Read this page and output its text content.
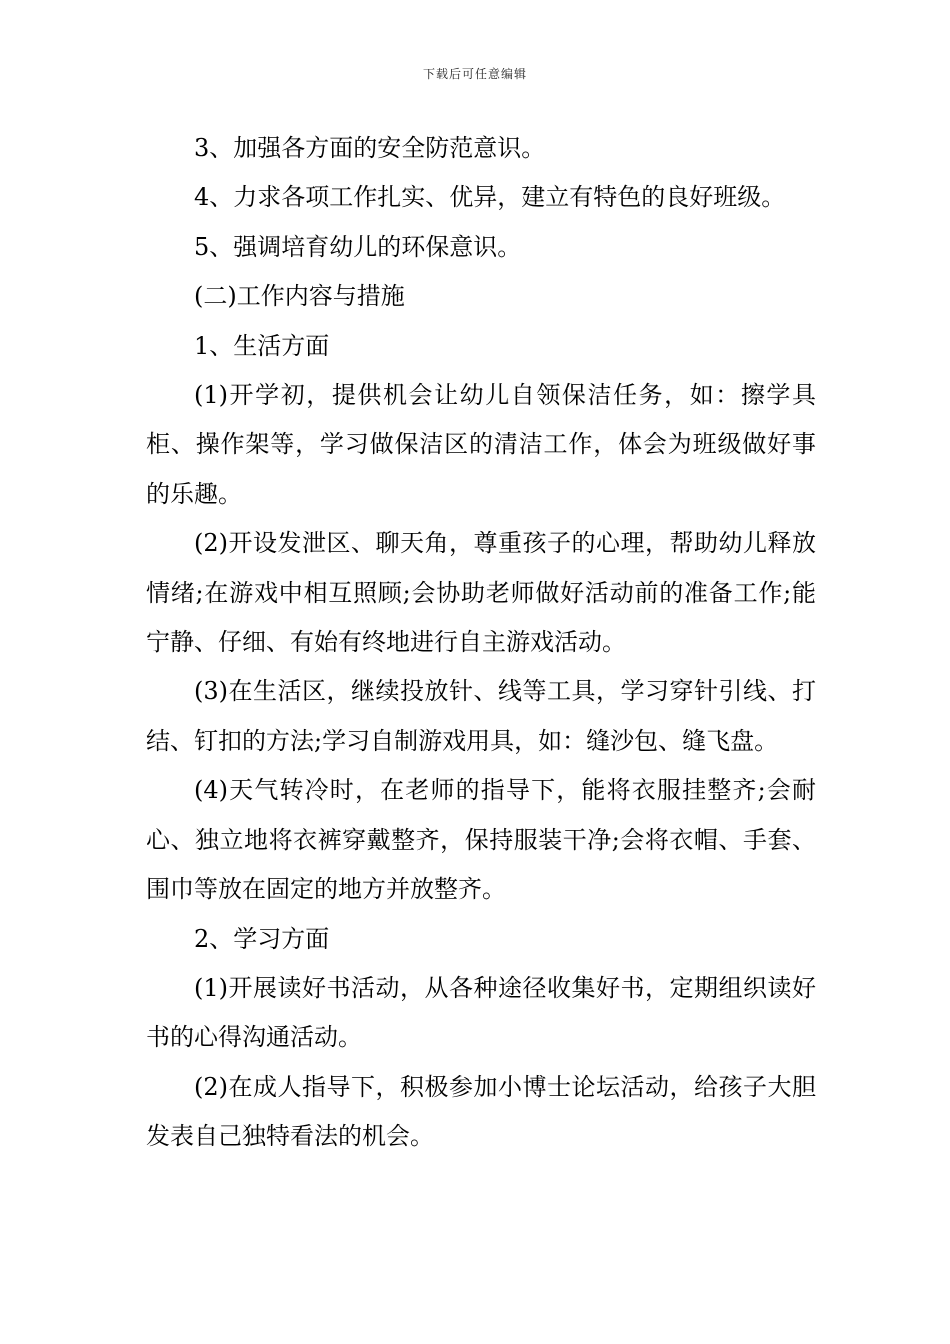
下载后可任意编辑

3、加强各方面的安全防范意识。

4、力求各项工作扎实、优异，建立有特色的良好班级。

5、强调培育幼儿的环保意识。

(二)工作内容与措施

1、生活方面

(1)开学初，提供机会让幼儿自领保洁任务，如：擦学具柜、操作架等，学习做保洁区的清洁工作，体会为班级做好事的乐趣。

(2)开设发泄区、聊天角，尊重孩子的心理，帮助幼儿释放情绪;在游戏中相互照顾;会协助老师做好活动前的准备工作;能宁静、仔细、有始有终地进行自主游戏活动。

(3)在生活区，继续投放针、线等工具，学习穿针引线、打结、钉扣的方法;学习自制游戏用具，如：缝沙包、缝飞盘。

(4)天气转冷时，在老师的指导下，能将衣服挂整齐;会耐心、独立地将衣裤穿戴整齐，保持服装干净;会将衣帽、手套、围巾等放在固定的地方并放整齐。

2、学习方面

(1)开展读好书活动，从各种途径收集好书，定期组织读好书的心得沟通活动。

(2)在成人指导下，积极参加小博士论坛活动，给孩子大胆发表自己独特看法的机会。
